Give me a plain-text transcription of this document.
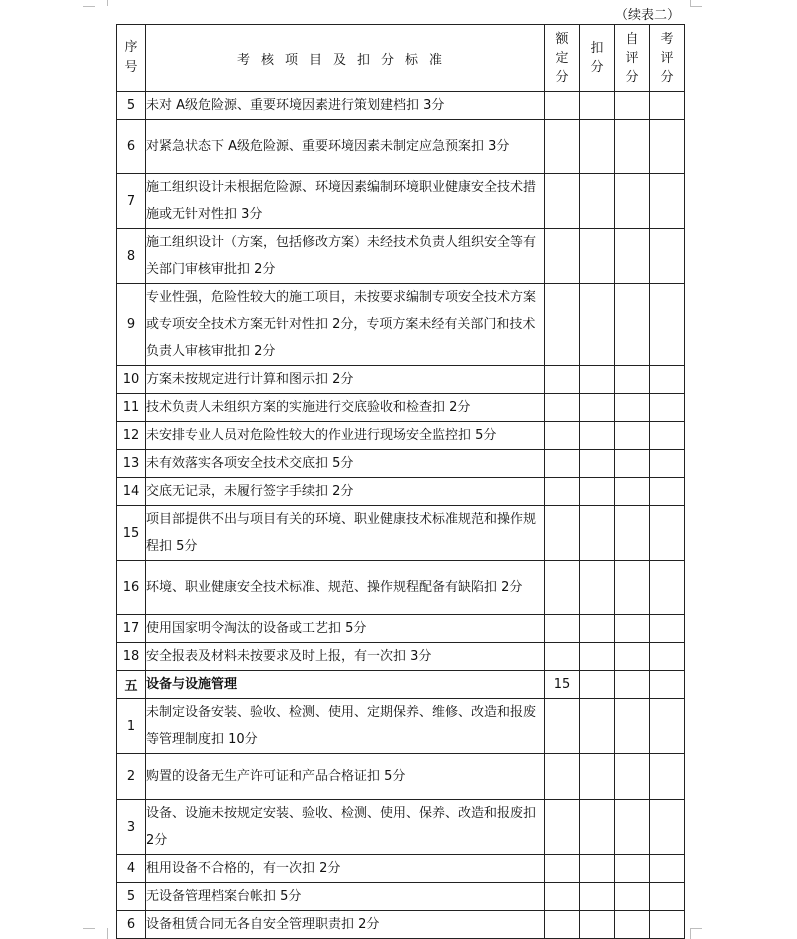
（续表二）
序号	考核项目及扣分标准	额定分	扣分	自评分	考评分
5	未对 A级危险源、重要环境因素进行策划建档扣 3分				
6	对紧急状态下 A级危险源、重要环境因素未制定应急预案扣 3分				
7	施工组织设计未根据危险源、环境因素编制环境职业健康安全技术措施或无针对性扣 3分				
8	施工组织设计（方案，包括修改方案）未经技术负责人组织安全等有关部门审核审批扣 2分				
9	专业性强，危险性较大的施工项目，未按要求编制专项安全技术方案或专项安全技术方案无针对性扣 2分，专项方案未经有关部门和技术负责人审核审批扣 2分				
10	方案未按规定进行计算和图示扣 2分				
11	技术负责人未组织方案的实施进行交底验收和检查扣 2分				
12	未安排专业人员对危险性较大的作业进行现场安全监控扣 5分				
13	未有效落实各项安全技术交底扣 5分				
14	交底无记录，未履行签字手续扣 2分				
15	项目部提供不出与项目有关的环境、职业健康技术标准规范和操作规程扣 5分				
16	环境、职业健康安全技术标准、规范、操作规程配备有缺陷扣 2分				
17	使用国家明令淘汰的设备或工艺扣 5分				
18	安全报表及材料未按要求及时上报，有一次扣 3分				
五	设备与设施管理	15			
1	未制定设备安装、验收、检测、使用、定期保养、维修、改造和报废等管理制度扣 10分				
2	购置的设备无生产许可证和产品合格证扣 5分				
3	设备、设施未按规定安装、验收、检测、使用、保养、改造和报废扣 2分				
4	租用设备不合格的，有一次扣 2分				
5	无设备管理档案台帐扣 5分				
6	设备租赁合同无各自安全管理职责扣 2分				
